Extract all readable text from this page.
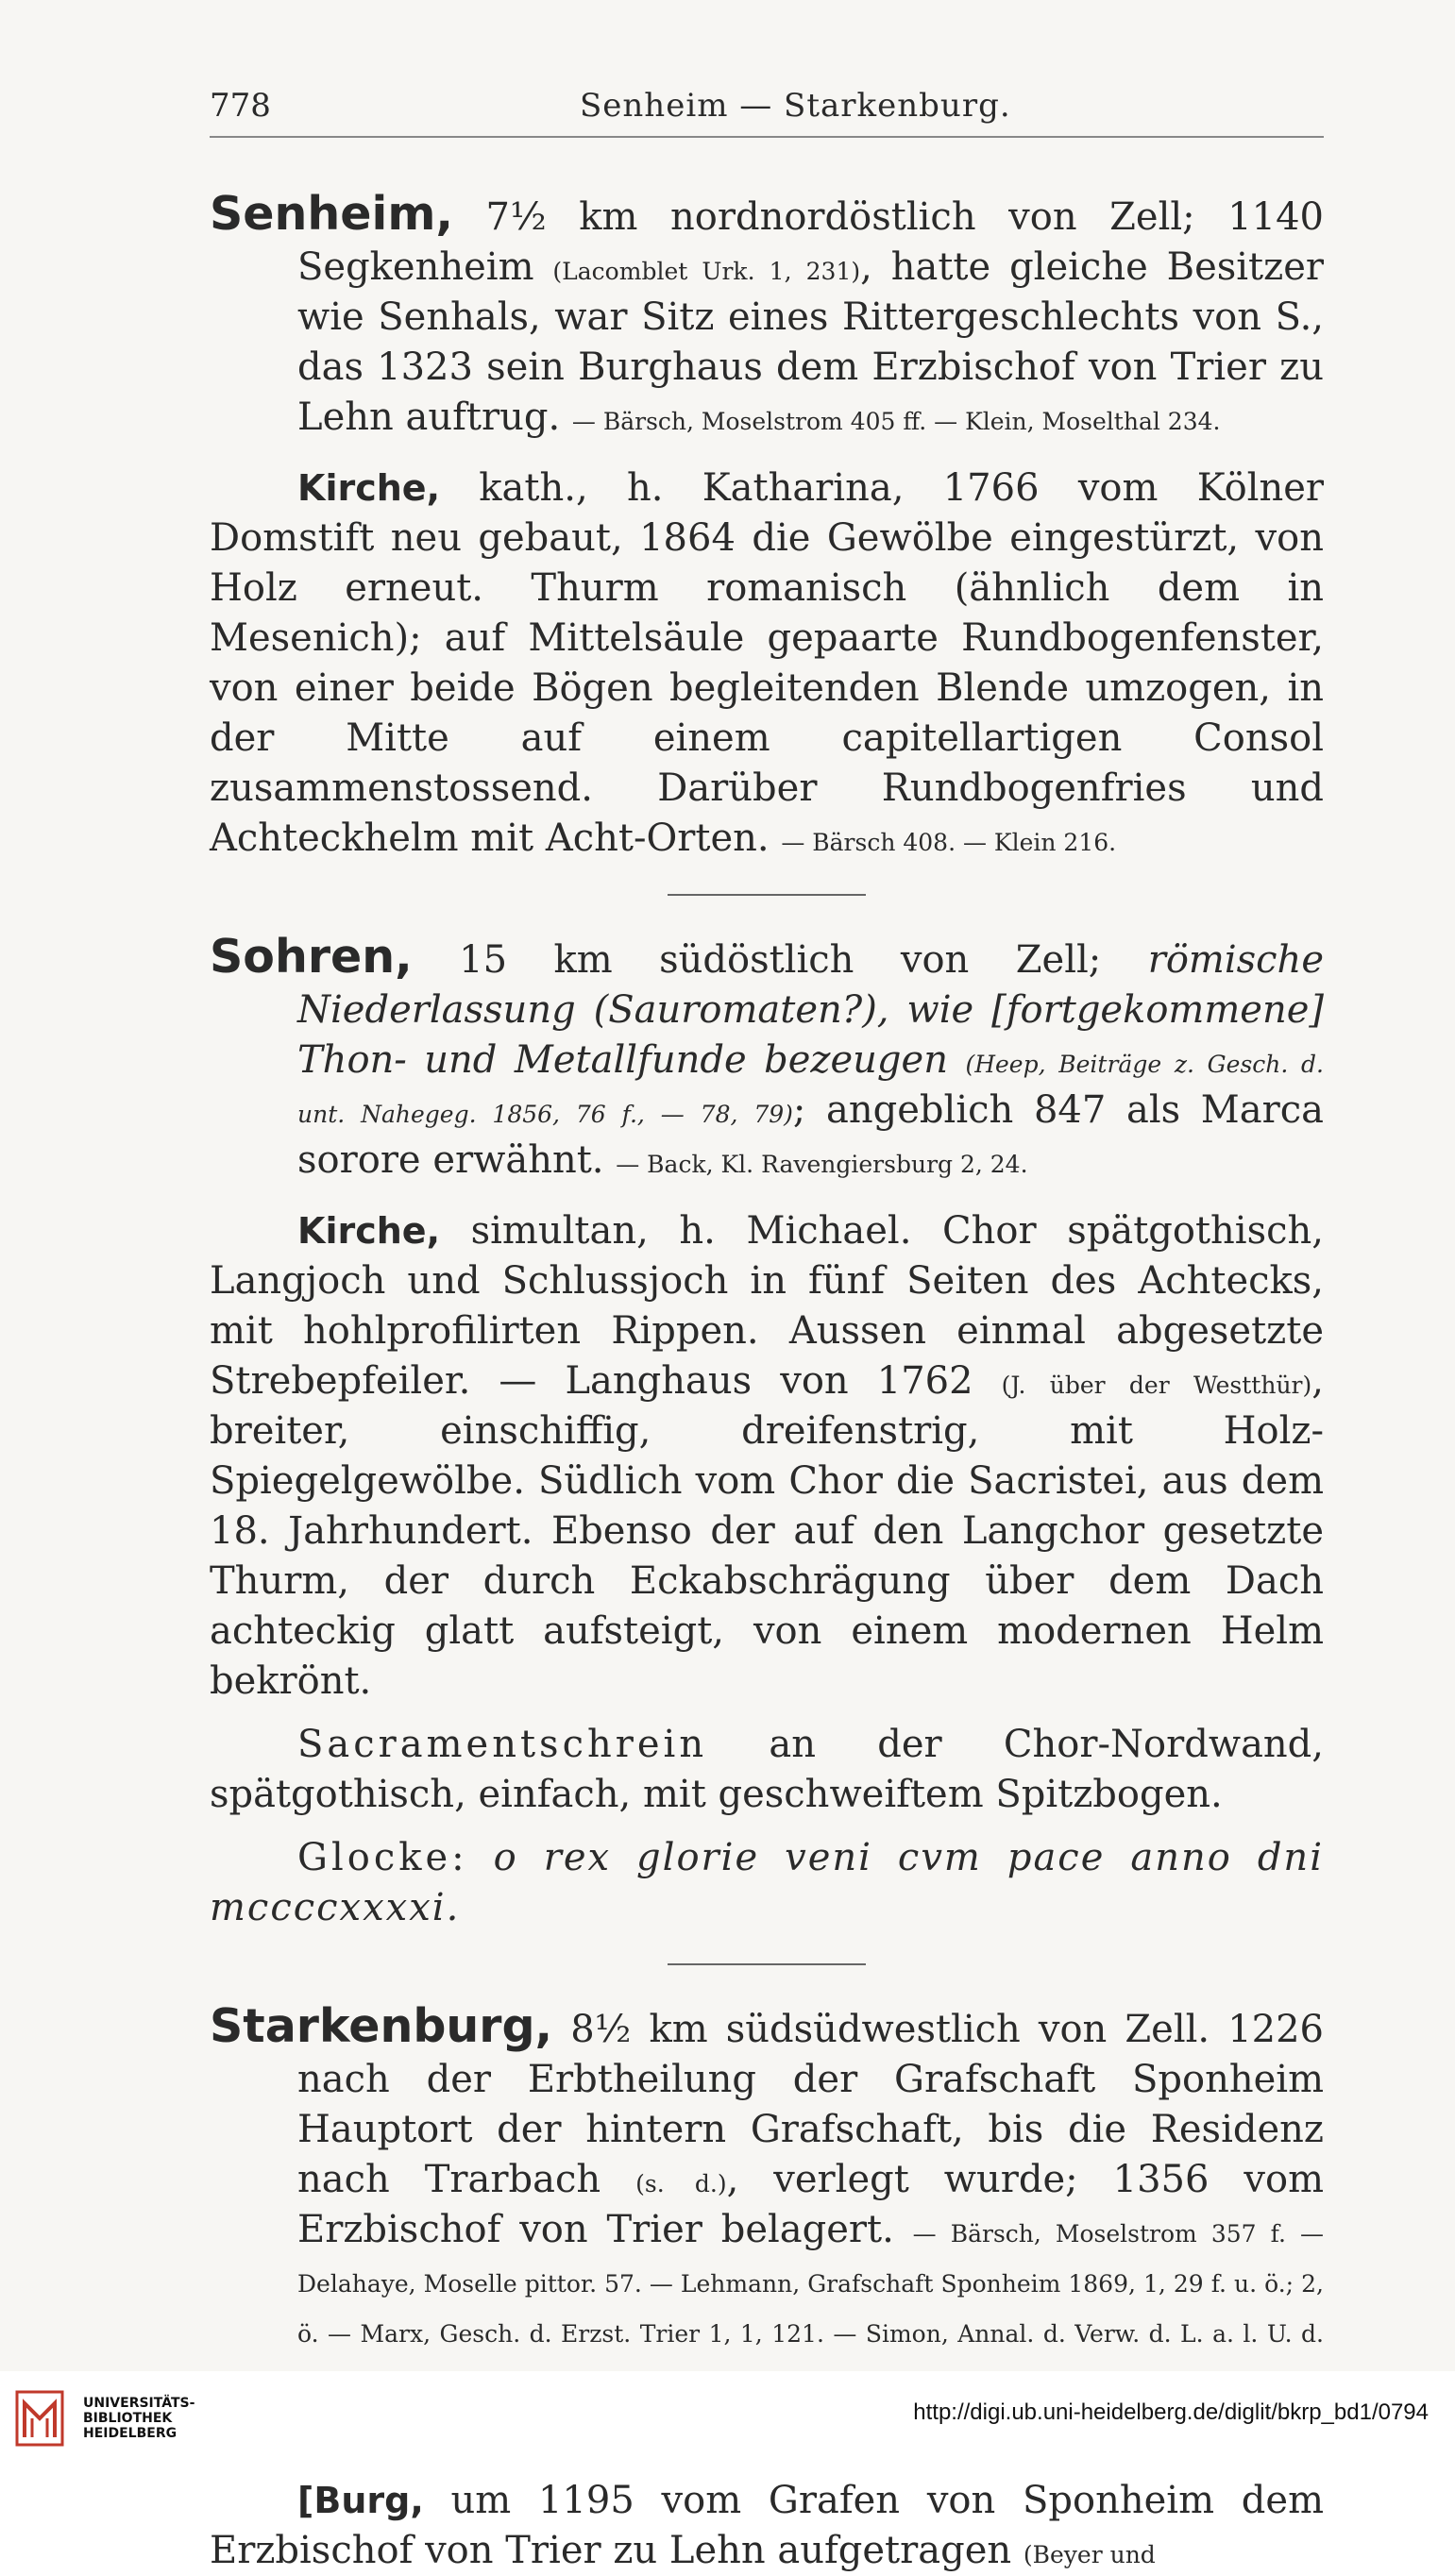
778	Senheim — Starkenburg.

Senheim, 7½ km nordnordöstlich von Zell; 1140 Segkenheim (Lacomblet Urk. 1, 231), hatte gleiche Besitzer wie Senhals, war Sitz eines Rittergeschlechts von S., das 1323 sein Burghaus dem Erzbischof von Trier zu Lehn auftrug. — Bärsch, Moselstrom 405 ff. — Klein, Moselthal 234.

Kirche, kath., h. Katharina, 1766 vom Kölner Domstift neu gebaut, 1864 die Gewölbe eingestürzt, von Holz erneut. Thurm romanisch (ähnlich dem in Mesenich); auf Mittelsäule gepaarte Rundbogenfenster, von einer beide Bögen begleitenden Blende umzogen, in der Mitte auf einem capitellartigen Consol zusammenstossend. Darüber Rundbogenfries und Achteckhelm mit Acht-Orten. — Bärsch 408. — Klein 216.

Sohren, 15 km südöstlich von Zell; römische Niederlassung (Sauromaten?), wie [fortgekommene] Thon- und Metallfunde bezeugen (Heep, Beiträge z. Gesch. d. unt. Nahegeg. 1856, 76 f., — 78, 79); angeblich 847 als Marca sorore erwähnt. — Back, Kl. Ravengiersburg 2, 24.

Kirche, simultan, h. Michael. Chor spätgothisch, Langjoch und Schlussjoch in fünf Seiten des Achtecks, mit hohlprofilirten Rippen. Aussen einmal abgesetzte Strebepfeiler. — Langhaus von 1762 (J. über der Westthür), breiter, einschiffig, dreifenstrig, mit Holz-Spiegelgewölbe. Südlich vom Chor die Sacristei, aus dem 18. Jahrhundert. Ebenso der auf den Langchor gesetzte Thurm, der durch Eckabschrägung über dem Dach achteckig glatt aufsteigt, von einem modernen Helm bekrönt.

Sacramentschrein an der Chor-Nordwand, spätgothisch, einfach, mit geschweiftem Spitzbogen.

Glocke: o rex glorie veni cvm pace anno dni mccccxxxxi.

Starkenburg, 8½ km südsüdwestlich von Zell. 1226 nach der Erbtheilung der Grafschaft Sponheim Hauptort der hintern Grafschaft, bis die Residenz nach Trarbach (s. d.), verlegt wurde; 1356 vom Erzbischof von Trier belagert. — Bärsch, Moselstrom 357 f. — Delahaye, Moselle pittor. 57. — Lehmann, Grafschaft Sponheim 1869, 1, 29 f. u. ö.; 2, ö. — Marx, Gesch. d. Erzst. Trier 1, 1, 121. — Simon, Annal. d. Verw. d. L. a. l. U. d.

[Burg, um 1195 vom Grafen von Sponheim dem Erzbischof von Trier zu Lehn aufgetragen (Beyer und

UNIVERSITÄTS-
BIBLIOTHEK
HEIDELBERG
http://digi.ub.uni-heidelberg.de/diglit/bkrp_bd1/0794
